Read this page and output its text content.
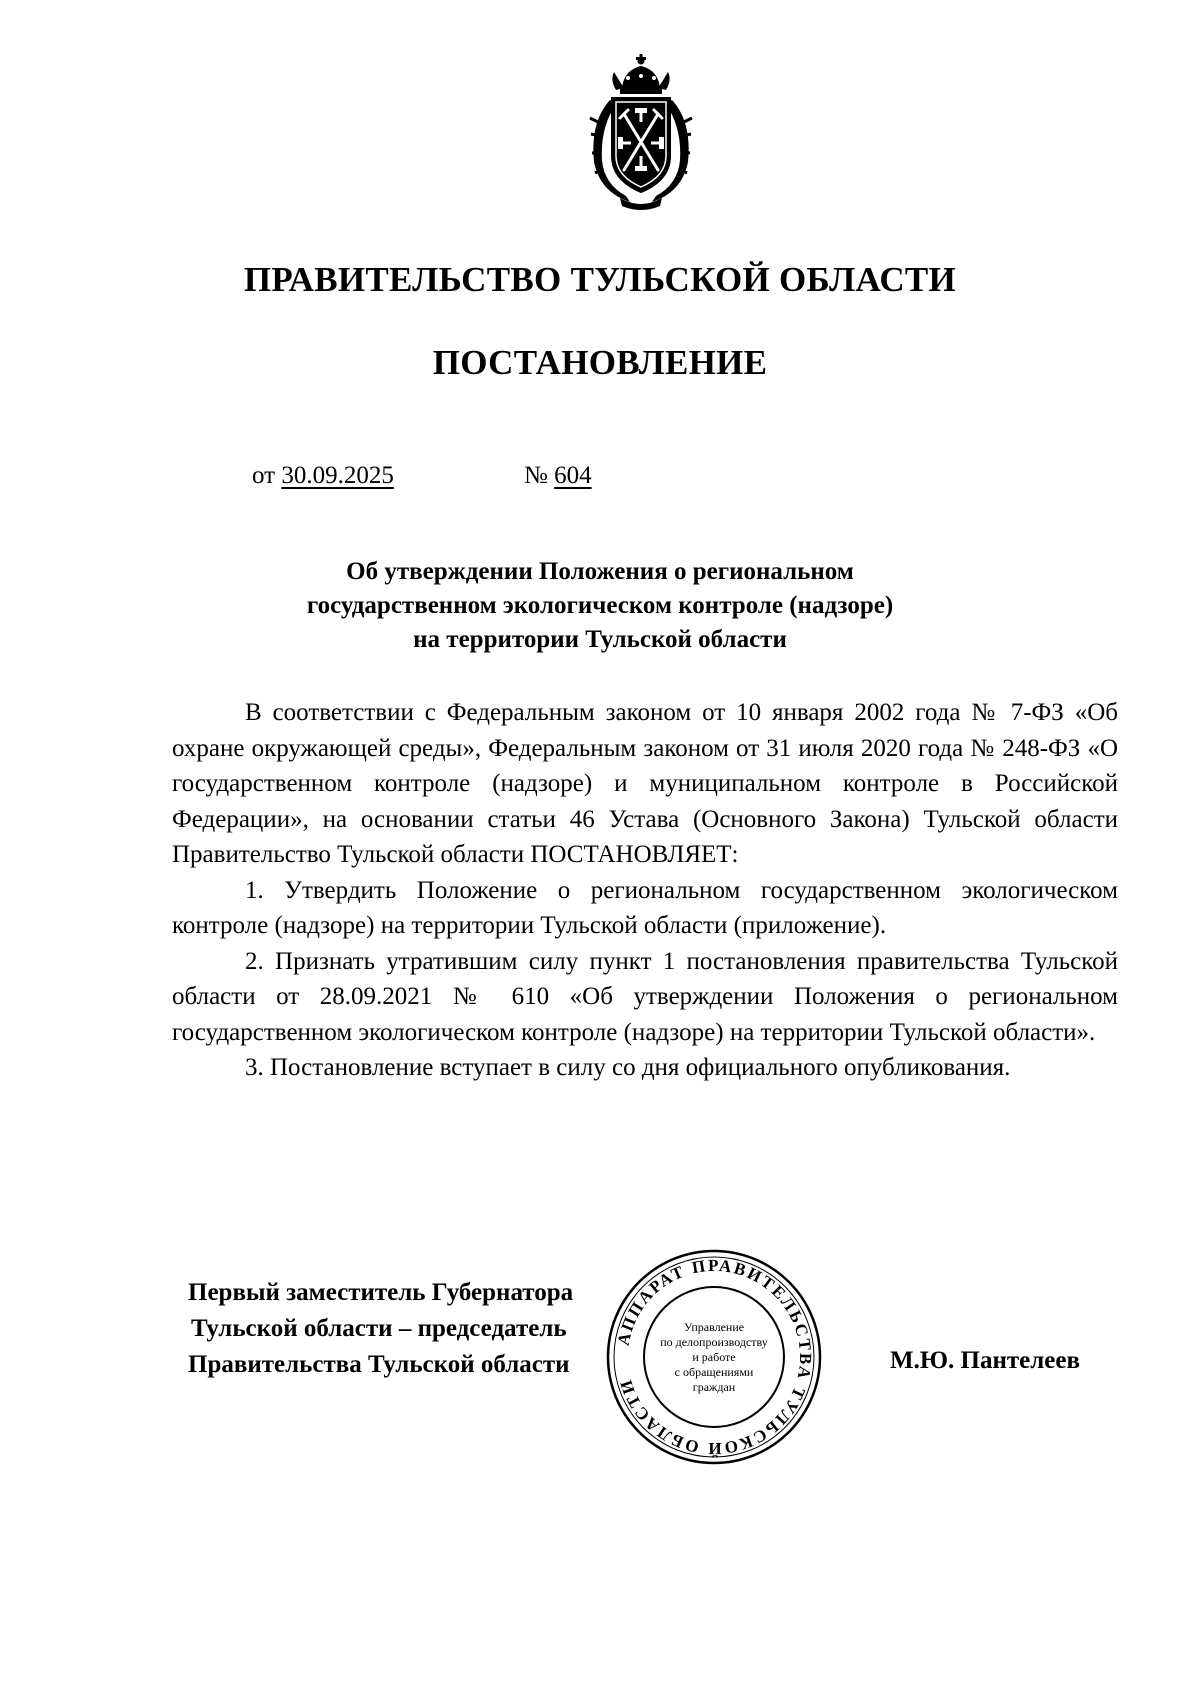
ПРАВИТЕЛЬСТВО ТУЛЬСКОЙ ОБЛАСТИ
ПОСТАНОВЛЕНИЕ
от 30.09.2025	№ 604
Об утверждении Положения о региональном
государственном экологическом контроле (надзоре)
на территории Тульской области

В соответствии с Федеральным законом от 10 января 2002 года № 7-ФЗ «Об охране окружающей среды», Федеральным законом от 31 июля 2020 года № 248-ФЗ «О государственном контроле (надзоре) и муниципальном контроле в Российской Федерации», на основании статьи 46 Устава (Основного Закона) Тульской области Правительство Тульской области ПОСТАНОВЛЯЕТ:

1. Утвердить Положение о региональном государственном экологическом контроле (надзоре) на территории Тульской области (приложение).

2. Признать утратившим силу пункт 1 постановления правительства Тульской области от 28.09.2021 № 610 «Об утверждении Положения о региональном государственном экологическом контроле (надзоре) на территории Тульской области».

3. Постановление вступает в силу со дня официального опубликования.

АППАРАТ ПРАВИТЕЛЬСТВА ТУЛЬСКОЙ ОБЛАСТИ
Управление
по делопроизводству
и работе
с обращениями
граждан
Первый заместитель Губернатора
Тульской области – председатель
Правительства Тульской области	М.Ю. Пантелеев
